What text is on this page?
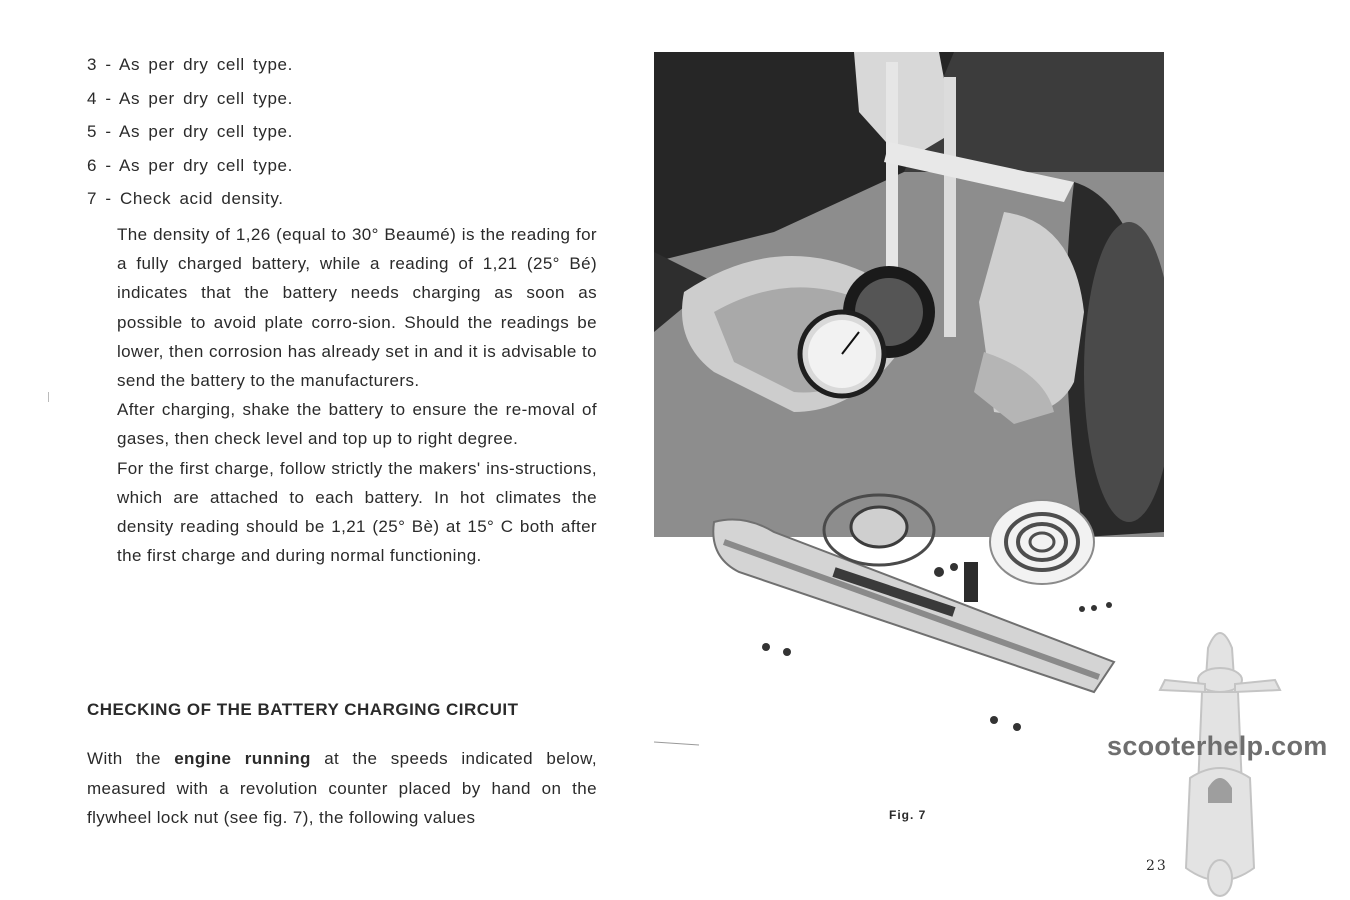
3 - As per dry cell type.
4 - As per dry cell type.
5 - As per dry cell type.
6 - As per dry cell type.
7 - Check acid density.

The density of 1,26 (equal to 30° Beaumé) is the reading for a fully charged battery, while a reading of 1,21 (25° Bé) indicates that the battery needs charging as soon as possible to avoid plate corro-sion. Should the readings be lower, then corrosion has already set in and it is advisable to send the battery to the manufacturers.

After charging, shake the battery to ensure the re-moval of gases, then check level and top up to right degree.

For the first charge, follow strictly the makers' ins-structions, which are attached to each battery. In hot climates the density reading should be 1,21 (25° Bè) at 15° C both after the first charge and during normal functioning.

CHECKING OF THE BATTERY CHARGING CIRCUIT

With the engine running at the speeds indicated below, measured with a revolution counter placed by hand on the flywheel lock nut (see fig. 7), the following values	Fig. 7
23
scooterhelp.com
